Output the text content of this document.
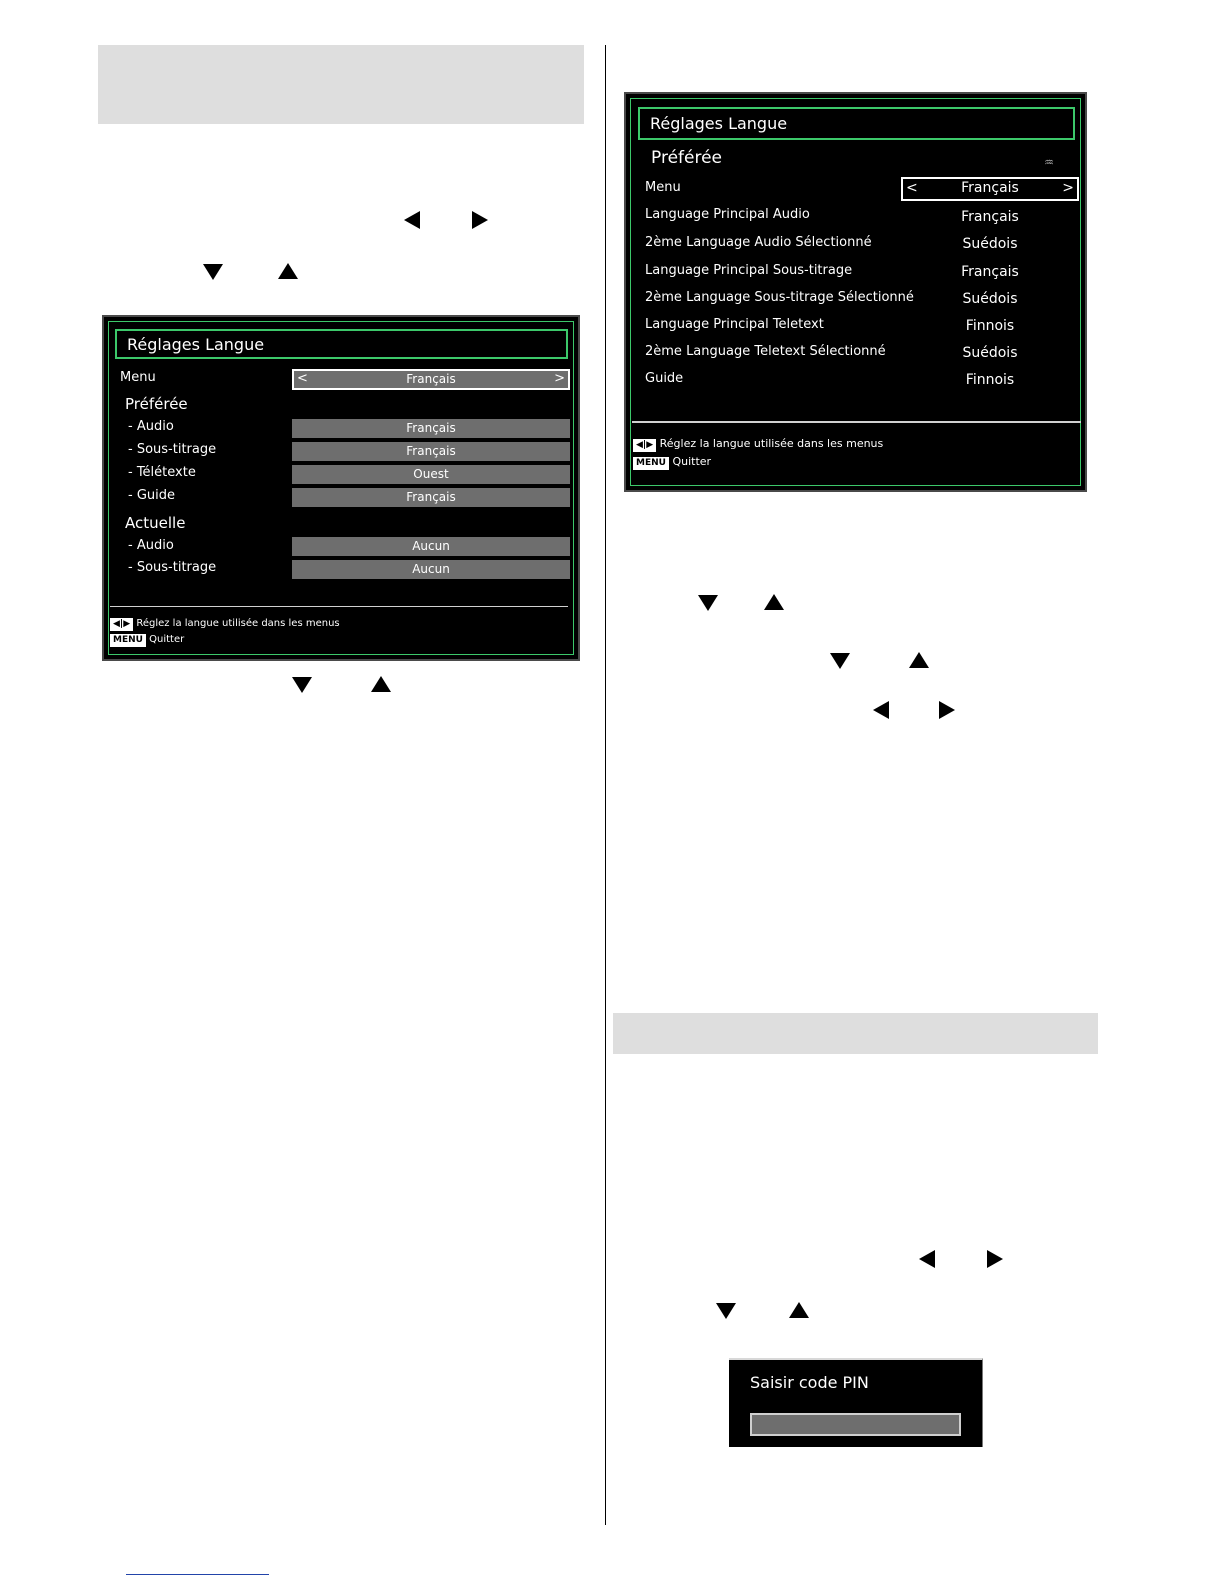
Réglages Langue
Menu	<	Français	>
Préférée
- Audio	Français
- Sous-titrage	Français
- Télétexte	Ouest
- Guide	Français
Actuelle
- Audio	Aucun
- Sous-titrage	Aucun
◀|▶ Réglez la langue utilisée dans les menus
MENU Quitter
Réglages Langue
Préférée	♒
Menu	<	Français	>
Language Principal Audio	Français
2ème Language Audio Sélectionné	Suédois
Language Principal Sous-titrage	Français
2ème Language Sous-titrage Sélectionné	Suédois
Language Principal Teletext	Finnois
2ème Language Teletext Sélectionné	Suédois
Guide	Finnois
◀|▶ Réglez la langue utilisée dans les menus
MENU Quitter
Saisir code PIN
